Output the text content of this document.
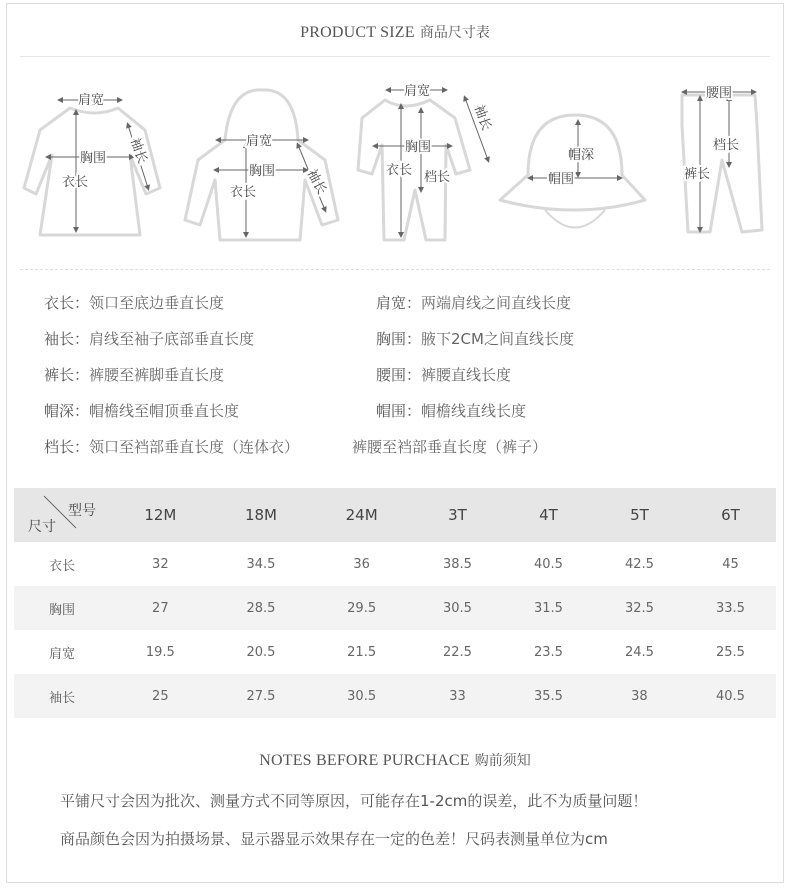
PRODUCT SIZE 商品尺寸表
肩宽
胸围
衣长
袖长	肩宽
胸围
衣长	袖长
肩宽
胸围
衣长 档长
袖长
帽深
帽围
腰围
档长
裤长
衣长：领口至底边垂直长度	肩宽：两端肩线之间直线长度
袖长：肩线至袖子底部垂直长度	胸围：腋下2CM之间直线长度
裤长：裤腰至裤脚垂直长度	腰围：裤腰直线长度
帽深：帽檐线至帽顶垂直长度	帽围：帽檐线直线长度
档长：领口至裆部垂直长度（连体衣）	裤腰至裆部垂直长度（裤子）
型号
尺寸	12M	18M	24M	3T	4T	5T	6T
衣长	32	34.5	36	38.5	40.5	42.5	45
胸围	27	28.5	29.5	30.5	31.5	32.5	33.5
肩宽	19.5	20.5	21.5	22.5	23.5	24.5	25.5
袖长	25	27.5	30.5	33	35.5	38	40.5
NOTES BEFORE PURCHACE 购前须知
平铺尺寸会因为批次、测量方式不同等原因，可能存在1-2cm的误差，此不为质量问题！
商品颜色会因为拍摄场景、显示器显示效果存在一定的色差！尺码表测量单位为cm
